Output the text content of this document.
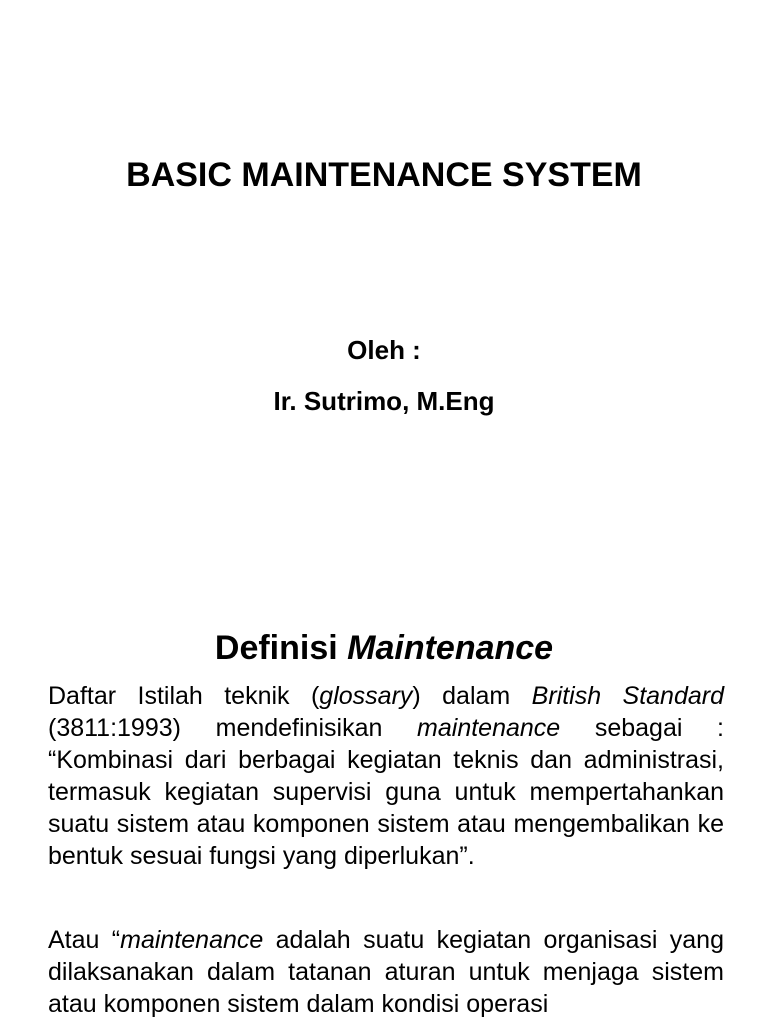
BASIC MAINTENANCE SYSTEM

Oleh :

Ir. Sutrimo, M.Eng

Definisi Maintenance

Daftar Istilah teknik (glossary) dalam British Standard (3811:1993) mendefinisikan maintenance sebagai : “Kombinasi dari berbagai kegiatan teknis dan administrasi, termasuk kegiatan supervisi guna untuk mempertahankan suatu sistem atau komponen sistem atau mengembalikan ke bentuk sesuai fungsi yang diperlukan”.

Atau “maintenance adalah suatu kegiatan organisasi yang dilaksanakan dalam tatanan aturan untuk menjaga sistem atau komponen sistem dalam kondisi operasi
